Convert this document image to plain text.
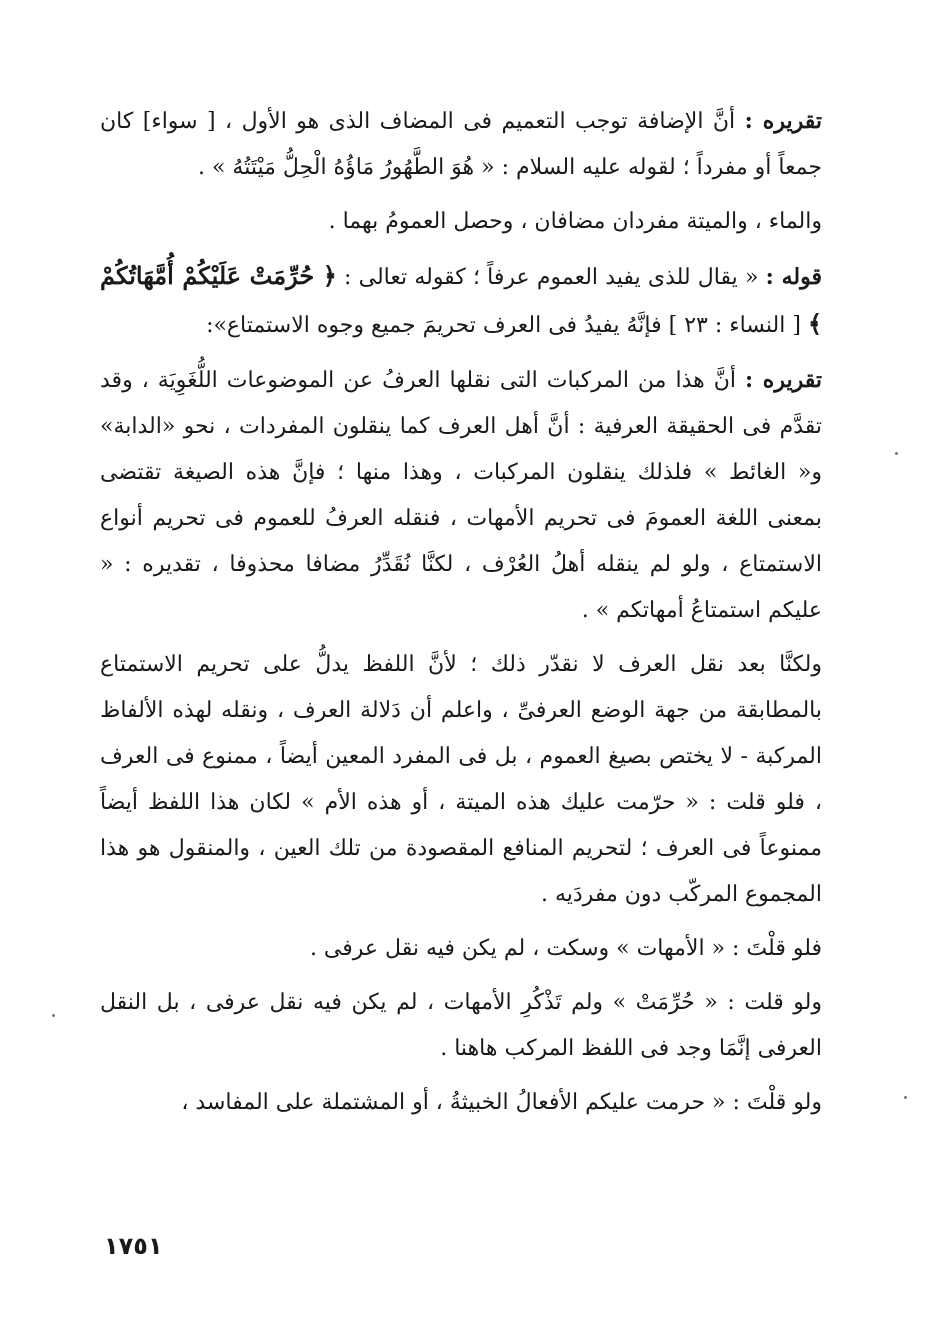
تقريره : أنَّ الإضافة توجب التعميم فى المضاف الذى هو الأول ، [ سواء] كان جمعاً أو مفرداً ؛ لقوله عليه السلام : « هُوَ الطَّهُورُ مَاؤُهُ الْحِلُّ مَيْتَتُهُ » .

والماء ، والميتة مفردان مضافان ، وحصل العمومُ بهما .

قوله : « يقال للذى يفيد العموم عرفاً ؛ كقوله تعالى : ﴿ حُرِّمَتْ عَلَيْكُمْ أُمَّهَاتُكُمْ ﴾ [ النساء : ٢٣ ] فإنَّهُ يفيدُ فى العرف تحريمَ جميع وجوه الاستمتاع»:

تقريره : أنَّ هذا من المركبات التى نقلها العرفُ عن الموضوعات اللُّغَوِيَة ، وقد تقدَّم فى الحقيقة العرفية : أنَّ أهل العرف كما ينقلون المفردات ، نحو «الدابة» و« الغائط » فلذلك ينقلون المركبات ، وهذا منها ؛ فإنَّ هذه الصيغة تقتضى بمعنى اللغة العمومَ فى تحريم الأمهات ، فنقله العرفُ للعموم فى تحريم أنواع الاستمتاع ، ولو لم ينقله أهلُ العُرْف ، لكنَّا نُقَدِّرُ مضافا محذوفا ، تقديره : « عليكم استمتاعُ أمهاتكم » .

ولكنَّا بعد نقل العرف لا نقدّر ذلك ؛ لأنَّ اللفظ يدلُّ على تحريم الاستمتاع بالمطابقة من جهة الوضع العرفىِّ ، واعلم أن دَلالة العرف ، ونقله لهذه الألفاظ المركبة - لا يختص بصيغ العموم ، بل فى المفرد المعين أيضاً ، ممنوع فى العرف ، فلو قلت : « حرّمت عليك هذه الميتة ، أو هذه الأم » لكان هذا اللفظ أيضاً ممنوعاً فى العرف ؛ لتحريم المنافع المقصودة من تلك العين ، والمنقول هو هذا المجموع المركّب دون مفردَيه .

فلو قلْتَ : « الأمهات » وسكت ، لم يكن فيه نقل عرفى .

ولو قلت : « حُرِّمَتْ » ولم تَذْكُرِ الأمهات ، لم يكن فيه نقل عرفى ، بل النقل العرفى إنَّمَا وجد فى اللفظ المركب هاهنا .

ولو قلْتَ : « حرمت عليكم الأفعالُ الخبيثةُ ، أو المشتملة على المفاسد ،

١٧٥١
